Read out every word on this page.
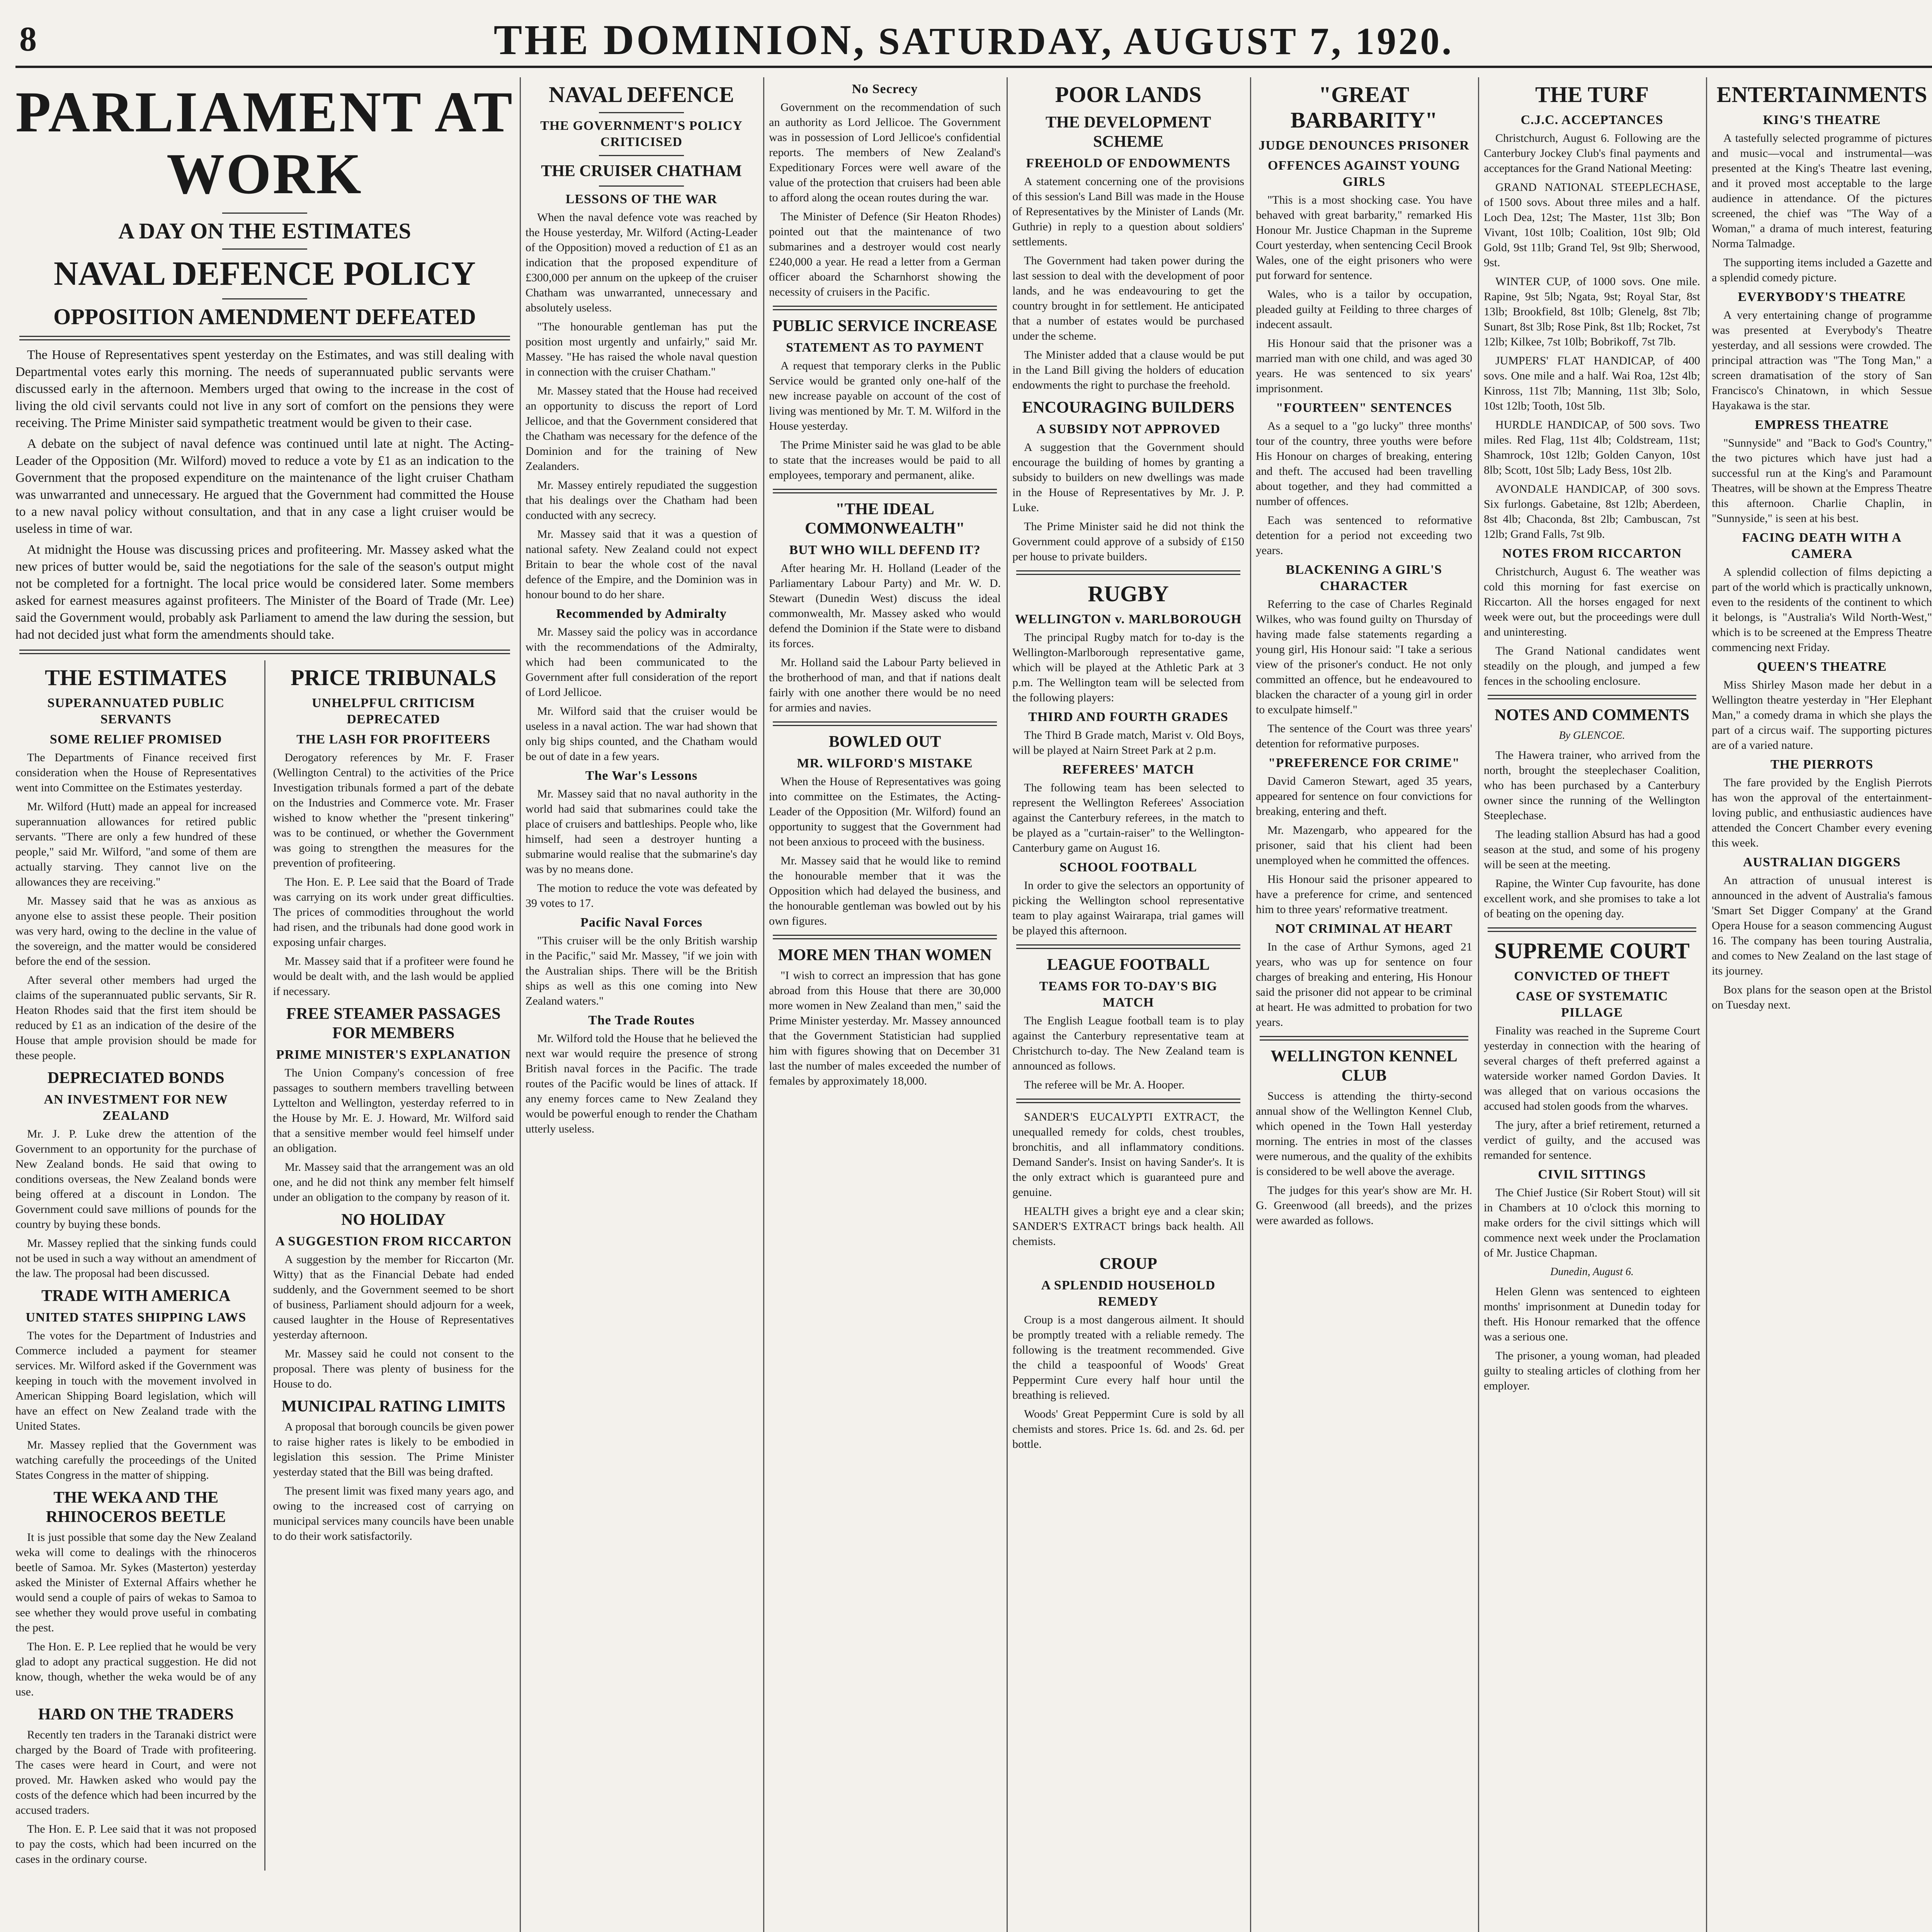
8	THE DOMINION, SATURDAY, AUGUST 7, 1920.
PARLIAMENT AT WORK
A DAY ON THE ESTIMATES
NAVAL DEFENCE POLICY
OPPOSITION AMENDMENT DEFEATED

The House of Representatives spent yesterday on the Estimates, and was still dealing with Departmental votes early this morning. The needs of superannuated public servants were discussed early in the afternoon. Members urged that owing to the increase in the cost of living the old civil servants could not live in any sort of comfort on the pensions they were receiving. The Prime Minister said sympathetic treatment would be given to their case.

A debate on the subject of naval defence was continued until late at night. The Acting-Leader of the Opposition (Mr. Wilford) moved to reduce a vote by £1 as an indication to the Government that the proposed expenditure on the maintenance of the light cruiser Chatham was unwarranted and unnecessary. He argued that the Government had committed the House to a new naval policy without consultation, and that in any case a light cruiser would be useless in time of war.

At midnight the House was discussing prices and profiteering. Mr. Massey asked what the new prices of butter would be, said the negotiations for the sale of the season's output might not be completed for a fortnight. The local price would be considered later. Some members asked for earnest measures against profiteers. The Minister of the Board of Trade (Mr. Lee) said the Government would, probably ask Parliament to amend the law during the session, but had not decided just what form the amendments should take.

THE ESTIMATES
SUPERANNUATED PUBLIC SERVANTS
SOME RELIEF PROMISED

The Departments of Finance received first consideration when the House of Representatives went into Committee on the Estimates yesterday.

Mr. Wilford (Hutt) made an appeal for increased superannuation allowances for retired public servants. "There are only a few hundred of these people," said Mr. Wilford, "and some of them are actually starving. They cannot live on the allowances they are receiving."

Mr. Massey said that he was as anxious as anyone else to assist these people. Their position was very hard, owing to the decline in the value of the sovereign, and the matter would be considered before the end of the session.

After several other members had urged the claims of the superannuated public servants, Sir R. Heaton Rhodes said that the first item should be reduced by £1 as an indication of the desire of the House that ample provision should be made for these people.

DEPRECIATED BONDS
AN INVESTMENT FOR NEW ZEALAND

Mr. J. P. Luke drew the attention of the Government to an opportunity for the purchase of New Zealand bonds. He said that owing to conditions overseas, the New Zealand bonds were being offered at a discount in London. The Government could save millions of pounds for the country by buying these bonds.

Mr. Massey replied that the sinking funds could not be used in such a way without an amendment of the law. The proposal had been discussed.

TRADE WITH AMERICA
UNITED STATES SHIPPING LAWS

The votes for the Department of Industries and Commerce included a payment for steamer services. Mr. Wilford asked if the Government was keeping in touch with the movement involved in American Shipping Board legislation, which will have an effect on New Zealand trade with the United States.

Mr. Massey replied that the Government was watching carefully the proceedings of the United States Congress in the matter of shipping.

THE WEKA AND THE RHINOCEROS BEETLE

It is just possible that some day the New Zealand weka will come to dealings with the rhinoceros beetle of Samoa. Mr. Sykes (Masterton) yesterday asked the Minister of External Affairs whether he would send a couple of pairs of wekas to Samoa to see whether they would prove useful in combating the pest.

The Hon. E. P. Lee replied that he would be very glad to adopt any practical suggestion. He did not know, though, whether the weka would be of any use.

HARD ON THE TRADERS

Recently ten traders in the Taranaki district were charged by the Board of Trade with profiteering. The cases were heard in Court, and were not proved. Mr. Hawken asked who would pay the costs of the defence which had been incurred by the accused traders.

The Hon. E. P. Lee said that it was not proposed to pay the costs, which had been incurred on the cases in the ordinary course.

PRICE TRIBUNALS
UNHELPFUL CRITICISM DEPRECATED
THE LASH FOR PROFITEERS

Derogatory references by Mr. F. Fraser (Wellington Central) to the activities of the Price Investigation tribunals formed a part of the debate on the Industries and Commerce vote. Mr. Fraser wished to know whether the "present tinkering" was to be continued, or whether the Government was going to strengthen the measures for the prevention of profiteering.

The Hon. E. P. Lee said that the Board of Trade was carrying on its work under great difficulties. The prices of commodities throughout the world had risen, and the tribunals had done good work in exposing unfair charges.

Mr. Massey said that if a profiteer were found he would be dealt with, and the lash would be applied if necessary.

FREE STEAMER PASSAGES FOR MEMBERS
PRIME MINISTER'S EXPLANATION

The Union Company's concession of free passages to southern members travelling between Lyttelton and Wellington, yesterday referred to in the House by Mr. E. J. Howard, Mr. Wilford said that a sensitive member would feel himself under an obligation.

Mr. Massey said that the arrangement was an old one, and he did not think any member felt himself under an obligation to the company by reason of it.

NO HOLIDAY
A SUGGESTION FROM RICCARTON

A suggestion by the member for Riccarton (Mr. Witty) that as the Financial Debate had ended suddenly, and the Government seemed to be short of business, Parliament should adjourn for a week, caused laughter in the House of Representatives yesterday afternoon.

Mr. Massey said he could not consent to the proposal. There was plenty of business for the House to do.

MUNICIPAL RATING LIMITS

A proposal that borough councils be given power to raise higher rates is likely to be embodied in legislation this session. The Prime Minister yesterday stated that the Bill was being drafted.

The present limit was fixed many years ago, and owing to the increased cost of carrying on municipal services many councils have been unable to do their work satisfactorily.

NAVAL DEFENCE
THE GOVERNMENT'S POLICY CRITICISED
THE CRUISER CHATHAM
LESSONS OF THE WAR

When the naval defence vote was reached by the House yesterday, Mr. Wilford (Acting-Leader of the Opposition) moved a reduction of £1 as an indication that the proposed expenditure of £300,000 per annum on the upkeep of the cruiser Chatham was unwarranted, unnecessary and absolutely useless.

"The honourable gentleman has put the position most urgently and unfairly," said Mr. Massey. "He has raised the whole naval question in connection with the cruiser Chatham."

Mr. Massey stated that the House had received an opportunity to discuss the report of Lord Jellicoe, and that the Government considered that the Chatham was necessary for the defence of the Dominion and for the training of New Zealanders.

Mr. Massey entirely repudiated the suggestion that his dealings over the Chatham had been conducted with any secrecy.

Mr. Massey said that it was a question of national safety. New Zealand could not expect Britain to bear the whole cost of the naval defence of the Empire, and the Dominion was in honour bound to do her share.

Recommended by Admiralty

Mr. Massey said the policy was in accordance with the recommendations of the Admiralty, which had been communicated to the Government after full consideration of the report of Lord Jellicoe.

Mr. Wilford said that the cruiser would be useless in a naval action. The war had shown that only big ships counted, and the Chatham would be out of date in a few years.

The War's Lessons

Mr. Massey said that no naval authority in the world had said that submarines could take the place of cruisers and battleships. People who, like himself, had seen a destroyer hunting a submarine would realise that the submarine's day was by no means done.

The motion to reduce the vote was defeated by 39 votes to 17.

Pacific Naval Forces

"This cruiser will be the only British warship in the Pacific," said Mr. Massey, "if we join with the Australian ships. There will be the British ships as well as this one coming into New Zealand waters."

The Trade Routes

Mr. Wilford told the House that he believed the next war would require the presence of strong British naval forces in the Pacific. The trade routes of the Pacific would be lines of attack. If any enemy forces came to New Zealand they would be powerful enough to render the Chatham utterly useless.

No Secrecy

Government on the recommendation of such an authority as Lord Jellicoe. The Government was in possession of Lord Jellicoe's confidential reports. The members of New Zealand's Expeditionary Forces were well aware of the value of the protection that cruisers had been able to afford along the ocean routes during the war.

The Minister of Defence (Sir Heaton Rhodes) pointed out that the maintenance of two submarines and a destroyer would cost nearly £240,000 a year. He read a letter from a German officer aboard the Scharnhorst showing the necessity of cruisers in the Pacific.

PUBLIC SERVICE INCREASE
STATEMENT AS TO PAYMENT

A request that temporary clerks in the Public Service would be granted only one-half of the new increase payable on account of the cost of living was mentioned by Mr. T. M. Wilford in the House yesterday.

The Prime Minister said he was glad to be able to state that the increases would be paid to all employees, temporary and permanent, alike.

"THE IDEAL COMMONWEALTH"
BUT WHO WILL DEFEND IT?

After hearing Mr. H. Holland (Leader of the Parliamentary Labour Party) and Mr. W. D. Stewart (Dunedin West) discuss the ideal commonwealth, Mr. Massey asked who would defend the Dominion if the State were to disband its forces.

Mr. Holland said the Labour Party believed in the brotherhood of man, and that if nations dealt fairly with one another there would be no need for armies and navies.

BOWLED OUT
MR. WILFORD'S MISTAKE

When the House of Representatives was going into committee on the Estimates, the Acting-Leader of the Opposition (Mr. Wilford) found an opportunity to suggest that the Government had not been anxious to proceed with the business.

Mr. Massey said that he would like to remind the honourable member that it was the Opposition which had delayed the business, and the honourable gentleman was bowled out by his own figures.

MORE MEN THAN WOMEN

"I wish to correct an impression that has gone abroad from this House that there are 30,000 more women in New Zealand than men," said the Prime Minister yesterday. Mr. Massey announced that the Government Statistician had supplied him with figures showing that on December 31 last the number of males exceeded the number of females by approximately 18,000.

POOR LANDS
THE DEVELOPMENT SCHEME
FREEHOLD OF ENDOWMENTS

A statement concerning one of the provisions of this session's Land Bill was made in the House of Representatives by the Minister of Lands (Mr. Guthrie) in reply to a question about soldiers' settlements.

The Government had taken power during the last session to deal with the development of poor lands, and he was endeavouring to get the country brought in for settlement. He anticipated that a number of estates would be purchased under the scheme.

The Minister added that a clause would be put in the Land Bill giving the holders of education endowments the right to purchase the freehold.

ENCOURAGING BUILDERS
A SUBSIDY NOT APPROVED

A suggestion that the Government should encourage the building of homes by granting a subsidy to builders on new dwellings was made in the House of Representatives by Mr. J. P. Luke.

The Prime Minister said he did not think the Government could approve of a subsidy of £150 per house to private builders.

RUGBY
WELLINGTON v. MARLBOROUGH

The principal Rugby match for to-day is the Wellington-Marlborough representative game, which will be played at the Athletic Park at 3 p.m. The Wellington team will be selected from the following players:

THIRD AND FOURTH GRADES

The Third B Grade match, Marist v. Old Boys, will be played at Nairn Street Park at 2 p.m.

REFEREES' MATCH

The following team has been selected to represent the Wellington Referees' Association against the Canterbury referees, in the match to be played as a "curtain-raiser" to the Wellington-Canterbury game on August 16.

SCHOOL FOOTBALL

In order to give the selectors an opportunity of picking the Wellington school representative team to play against Wairarapa, trial games will be played this afternoon.

LEAGUE FOOTBALL
TEAMS FOR TO-DAY'S BIG MATCH

The English League football team is to play against the Canterbury representative team at Christchurch to-day. The New Zealand team is announced as follows.

The referee will be Mr. A. Hooper.

SANDER'S EUCALYPTI EXTRACT, the unequalled remedy for colds, chest troubles, bronchitis, and all inflammatory conditions. Demand Sander's. Insist on having Sander's. It is the only extract which is guaranteed pure and genuine.

HEALTH gives a bright eye and a clear skin; SANDER'S EXTRACT brings back health. All chemists.

CROUP
A SPLENDID HOUSEHOLD REMEDY

Croup is a most dangerous ailment. It should be promptly treated with a reliable remedy. The following is the treatment recommended. Give the child a teaspoonful of Woods' Great Peppermint Cure every half hour until the breathing is relieved.

Woods' Great Peppermint Cure is sold by all chemists and stores. Price 1s. 6d. and 2s. 6d. per bottle.

"GREAT BARBARITY"
JUDGE DENOUNCES PRISONER
OFFENCES AGAINST YOUNG GIRLS

"This is a most shocking case. You have behaved with great barbarity," remarked His Honour Mr. Justice Chapman in the Supreme Court yesterday, when sentencing Cecil Brook Wales, one of the eight prisoners who were put forward for sentence.

Wales, who is a tailor by occupation, pleaded guilty at Feilding to three charges of indecent assault.

His Honour said that the prisoner was a married man with one child, and was aged 30 years. He was sentenced to six years' imprisonment.

"FOURTEEN" SENTENCES

As a sequel to a "go lucky" three months' tour of the country, three youths were before His Honour on charges of breaking, entering and theft. The accused had been travelling about together, and they had committed a number of offences.

Each was sentenced to reformative detention for a period not exceeding two years.

BLACKENING A GIRL'S CHARACTER

Referring to the case of Charles Reginald Wilkes, who was found guilty on Thursday of having made false statements regarding a young girl, His Honour said: "I take a serious view of the prisoner's conduct. He not only committed an offence, but he endeavoured to blacken the character of a young girl in order to exculpate himself."

The sentence of the Court was three years' detention for reformative purposes.

"PREFERENCE FOR CRIME"

David Cameron Stewart, aged 35 years, appeared for sentence on four convictions for breaking, entering and theft.

Mr. Mazengarb, who appeared for the prisoner, said that his client had been unemployed when he committed the offences.

His Honour said the prisoner appeared to have a preference for crime, and sentenced him to three years' reformative treatment.

NOT CRIMINAL AT HEART

In the case of Arthur Symons, aged 21 years, who was up for sentence on four charges of breaking and entering, His Honour said the prisoner did not appear to be criminal at heart. He was admitted to probation for two years.

WELLINGTON KENNEL CLUB

Success is attending the thirty-second annual show of the Wellington Kennel Club, which opened in the Town Hall yesterday morning. The entries in most of the classes were numerous, and the quality of the exhibits is considered to be well above the average.

The judges for this year's show are Mr. H. G. Greenwood (all breeds), and the prizes were awarded as follows.

THE TURF
C.J.C. ACCEPTANCES

Christchurch, August 6. Following are the Canterbury Jockey Club's final payments and acceptances for the Grand National Meeting:

GRAND NATIONAL STEEPLECHASE, of 1500 sovs. About three miles and a half. Loch Dea, 12st; The Master, 11st 3lb; Bon Vivant, 10st 10lb; Coalition, 10st 9lb; Old Gold, 9st 11lb; Grand Tel, 9st 9lb; Sherwood, 9st.

WINTER CUP, of 1000 sovs. One mile. Rapine, 9st 5lb; Ngata, 9st; Royal Star, 8st 13lb; Brookfield, 8st 10lb; Glenelg, 8st 7lb; Sunart, 8st 3lb; Rose Pink, 8st 1lb; Rocket, 7st 12lb; Kilkee, 7st 10lb; Bobrikoff, 7st 7lb.

JUMPERS' FLAT HANDICAP, of 400 sovs. One mile and a half. Wai Roa, 12st 4lb; Kinross, 11st 7lb; Manning, 11st 3lb; Solo, 10st 12lb; Tooth, 10st 5lb.

HURDLE HANDICAP, of 500 sovs. Two miles. Red Flag, 11st 4lb; Coldstream, 11st; Shamrock, 10st 12lb; Golden Canyon, 10st 8lb; Scott, 10st 5lb; Lady Bess, 10st 2lb.

AVONDALE HANDICAP, of 300 sovs. Six furlongs. Gabetaine, 8st 12lb; Aberdeen, 8st 4lb; Chaconda, 8st 2lb; Cambuscan, 7st 12lb; Grand Falls, 7st 9lb.

NOTES FROM RICCARTON

Christchurch, August 6. The weather was cold this morning for fast exercise on Riccarton. All the horses engaged for next week were out, but the proceedings were dull and uninteresting.

The Grand National candidates went steadily on the plough, and jumped a few fences in the schooling enclosure.

NOTES AND COMMENTS
By GLENCOE.

The Hawera trainer, who arrived from the north, brought the steeplechaser Coalition, who has been purchased by a Canterbury owner since the running of the Wellington Steeplechase.

The leading stallion Absurd has had a good season at the stud, and some of his progeny will be seen at the meeting.

Rapine, the Winter Cup favourite, has done excellent work, and she promises to take a lot of beating on the opening day.

SUPREME COURT
CONVICTED OF THEFT
CASE OF SYSTEMATIC PILLAGE

Finality was reached in the Supreme Court yesterday in connection with the hearing of several charges of theft preferred against a waterside worker named Gordon Davies. It was alleged that on various occasions the accused had stolen goods from the wharves.

The jury, after a brief retirement, returned a verdict of guilty, and the accused was remanded for sentence.

CIVIL SITTINGS

The Chief Justice (Sir Robert Stout) will sit in Chambers at 10 o'clock this morning to make orders for the civil sittings which will commence next week under the Proclamation of Mr. Justice Chapman.

Dunedin, August 6.

Helen Glenn was sentenced to eighteen months' imprisonment at Dunedin today for theft. His Honour remarked that the offence was a serious one.

The prisoner, a young woman, had pleaded guilty to stealing articles of clothing from her employer.

ENTERTAINMENTS
KING'S THEATRE

A tastefully selected programme of pictures and music—vocal and instrumental—was presented at the King's Theatre last evening, and it proved most acceptable to the large audience in attendance. Of the pictures screened, the chief was "The Way of a Woman," a drama of much interest, featuring Norma Talmadge.

The supporting items included a Gazette and a splendid comedy picture.

EVERYBODY'S THEATRE

A very entertaining change of programme was presented at Everybody's Theatre yesterday, and all sessions were crowded. The principal attraction was "The Tong Man," a screen dramatisation of the story of San Francisco's Chinatown, in which Sessue Hayakawa is the star.

EMPRESS THEATRE

"Sunnyside" and "Back to God's Country," the two pictures which have just had a successful run at the King's and Paramount Theatres, will be shown at the Empress Theatre this afternoon. Charlie Chaplin, in "Sunnyside," is seen at his best.

FACING DEATH WITH A CAMERA

A splendid collection of films depicting a part of the world which is practically unknown, even to the residents of the continent to which it belongs, is "Australia's Wild North-West," which is to be screened at the Empress Theatre commencing next Friday.

QUEEN'S THEATRE

Miss Shirley Mason made her debut in a Wellington theatre yesterday in "Her Elephant Man," a comedy drama in which she plays the part of a circus waif. The supporting pictures are of a varied nature.

THE PIERROTS

The fare provided by the English Pierrots has won the approval of the entertainment-loving public, and enthusiastic audiences have attended the Concert Chamber every evening this week.

AUSTRALIAN DIGGERS

An attraction of unusual interest is announced in the advent of Australia's famous 'Smart Set Digger Company' at the Grand Opera House for a season commencing August 16. The company has been touring Australia, and comes to New Zealand on the last stage of its journey.

Box plans for the season open at the Bristol on Tuesday next.
